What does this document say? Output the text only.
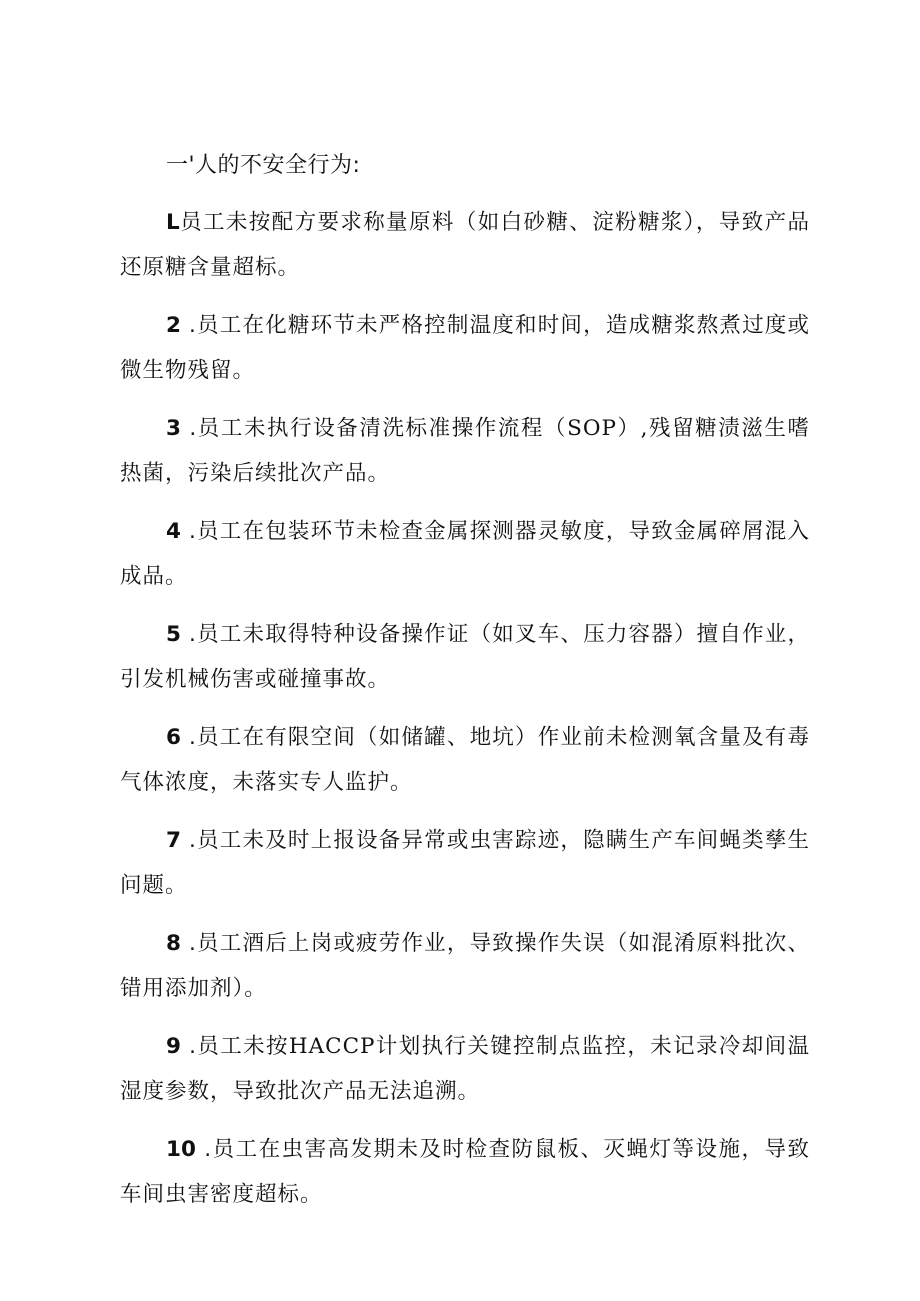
一'人的不安全行为:

L员工未按配方要求称量原料（如白砂糖、淀粉糖浆），导致产品还原糖含量超标。

2 .员工在化糖环节未严格控制温度和时间，造成糖浆熬煮过度或微生物残留。

3 .员工未执行设备清洗标准操作流程（SOP）,残留糖渍滋生嗜热菌，污染后续批次产品。

4 .员工在包装环节未检查金属探测器灵敏度，导致金属碎屑混入成品。

5 .员工未取得特种设备操作证（如叉车、压力容器）擅自作业，引发机械伤害或碰撞事故。

6 .员工在有限空间（如储罐、地坑）作业前未检测氧含量及有毒气体浓度，未落实专人监护。

7 .员工未及时上报设备异常或虫害踪迹，隐瞒生产车间蝇类孳生问题。

8 .员工酒后上岗或疲劳作业，导致操作失误（如混淆原料批次、错用添加剂）。

9 .员工未按HACCP计划执行关键控制点监控，未记录冷却间温湿度参数，导致批次产品无法追溯。

10 .员工在虫害高发期未及时检查防鼠板、灭蝇灯等设施，导致车间虫害密度超标。
